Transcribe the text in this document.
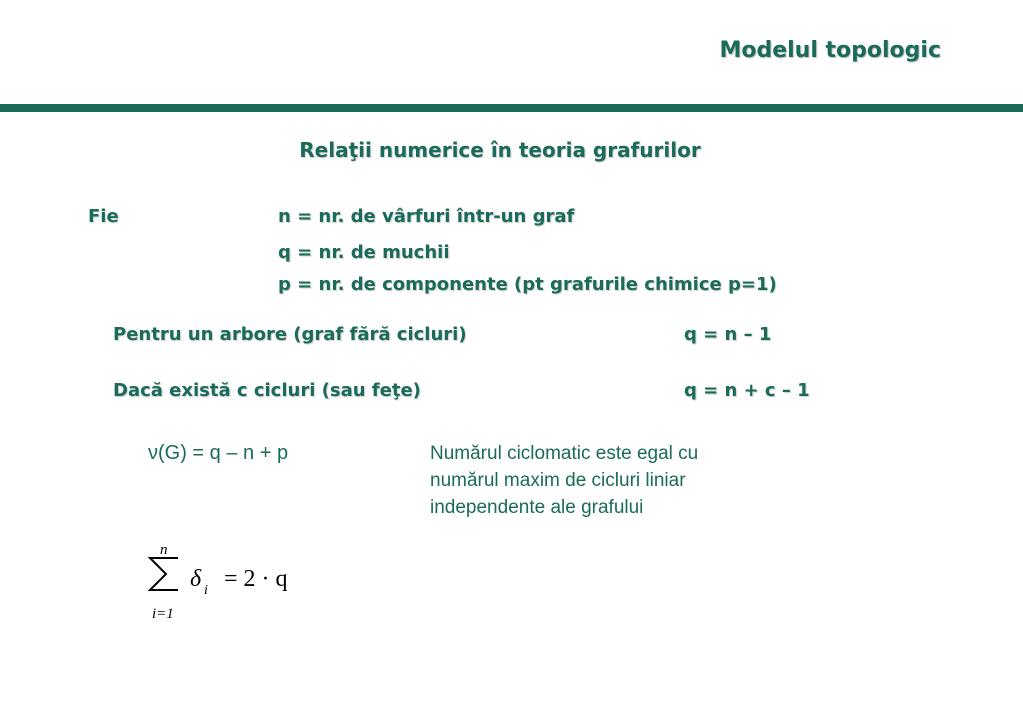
Modelul topologic
Relaţii numerice în teoria grafurilor
Fie	n = nr. de vârfuri într-un graf
q = nr. de muchii
p = nr. de componente (pt grafurile chimice p=1)
Pentru un arbore (graf fără cicluri)	q = n – 1
Dacă există c cicluri (sau feţe)	q = n + c – 1
ν(G) = q – n + p	Numărul ciclomatic este egal cu
numărul maxim de cicluri liniar
independente ale grafului
n
i=1
δ i = 2 · q
